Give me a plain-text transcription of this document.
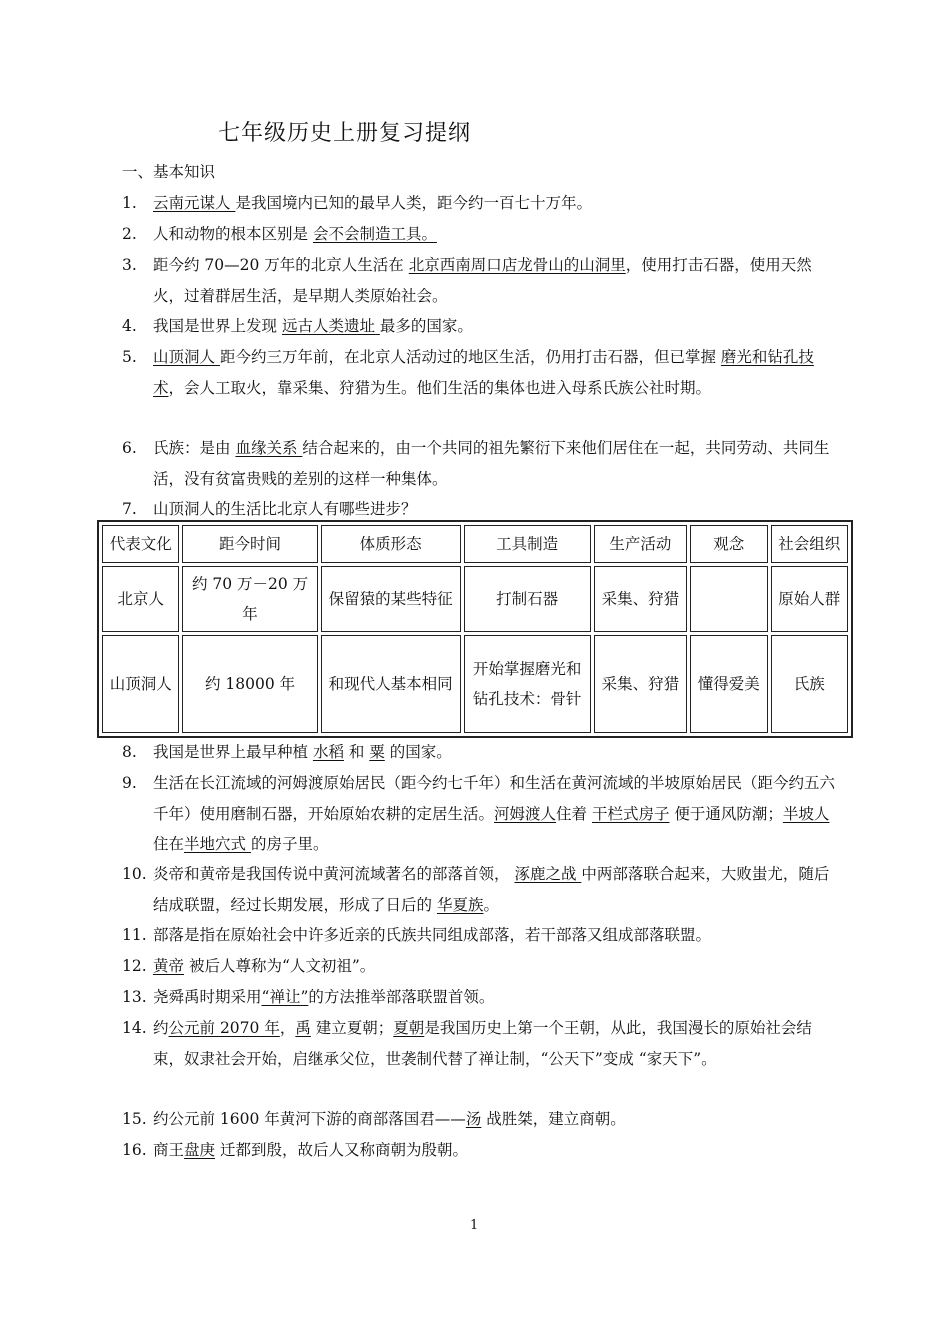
七年级历史上册复习提纲
一、基本知识
1. 云南元谋人 是我国境内已知的最早人类，距今约一百七十万年。
2. 人和动物的根本区别是 会不会制造工具。
3. 距今约 70—20 万年的北京人生活在 北京西南周口店龙骨山的山洞里，使用打击石器，使用天然火，过着群居生活，是早期人类原始社会。
4. 我国是世界上发现 远古人类遗址 最多的国家。
5. 山顶洞人 距今约三万年前，在北京人活动过的地区生活，仍用打击石器，但已掌握 磨光和钻孔技术，会人工取火，靠采集、狩猎为生。他们生活的集体也进入母系氏族公社时期。
6. 氏族：是由 血缘关系 结合起来的，由一个共同的祖先繁衍下来他们居住在一起，共同劳动、共同生活，没有贫富贵贱的差别的这样一种集体。
7. 山顶洞人的生活比北京人有哪些进步？
代表文化	距今时间	体质形态	工具制造	生产活动	观念	社会组织
北京人	约 70 万－20 万年	保留猿的某些特征	打制石器	采集、狩猎		原始人群
山顶洞人	约 18000 年	和现代人基本相同	开始掌握磨光和钻孔技术：骨针	采集、狩猎	懂得爱美	氏族
8. 我国是世界上最早种植 水稻 和 粟 的国家。
9. 生活在长江流域的河姆渡原始居民（距今约七千年）和生活在黄河流域的半坡原始居民（距今约五六千年）使用磨制石器，开始原始农耕的定居生活。河姆渡人住着 干栏式房子 便于通风防潮；半坡人 住在半地穴式 的房子里。
10. 炎帝和黄帝是我国传说中黄河流域著名的部落首领， 涿鹿之战 中两部落联合起来，大败蚩尤，随后结成联盟，经过长期发展，形成了日后的 华夏族。
11. 部落是指在原始社会中许多近亲的氏族共同组成部落，若干部落又组成部落联盟。
12. 黄帝 被后人尊称为“人文初祖”。
13. 尧舜禹时期采用“禅让”的方法推举部落联盟首领。
14. 约公元前 2070 年，禹 建立夏朝；夏朝是我国历史上第一个王朝，从此，我国漫长的原始社会结束，奴隶社会开始，启继承父位，世袭制代替了禅让制，“公天下”变成 “家天下”。
15. 约公元前 1600 年黄河下游的商部落国君——汤 战胜桀，建立商朝。
16. 商王盘庚 迁都到殷，故后人又称商朝为殷朝。
1
